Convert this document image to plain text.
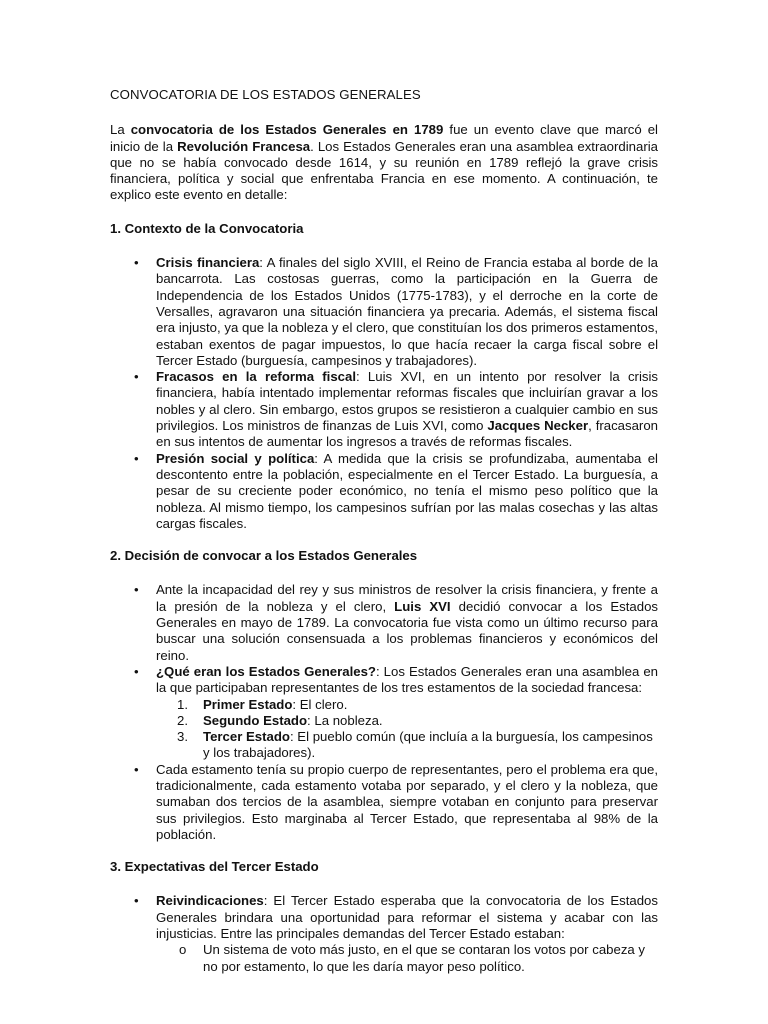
CONVOCATORIA DE LOS ESTADOS GENERALES

La convocatoria de los Estados Generales en 1789 fue un evento clave que marcó el inicio de la Revolución Francesa. Los Estados Generales eran una asamblea extraordinaria que no se había convocado desde 1614, y su reunión en 1789 reflejó la grave crisis financiera, política y social que enfrentaba Francia en ese momento. A continuación, te explico este evento en detalle:

1. Contexto de la Convocatoria
• Crisis financiera: A finales del siglo XVIII, el Reino de Francia estaba al borde de la bancarrota. Las costosas guerras, como la participación en la Guerra de Independencia de los Estados Unidos (1775-1783), y el derroche en la corte de Versalles, agravaron una situación financiera ya precaria. Además, el sistema fiscal era injusto, ya que la nobleza y el clero, que constituían los dos primeros estamentos, estaban exentos de pagar impuestos, lo que hacía recaer la carga fiscal sobre el Tercer Estado (burguesía, campesinos y trabajadores).
• Fracasos en la reforma fiscal: Luis XVI, en un intento por resolver la crisis financiera, había intentado implementar reformas fiscales que incluirían gravar a los nobles y al clero. Sin embargo, estos grupos se resistieron a cualquier cambio en sus privilegios. Los ministros de finanzas de Luis XVI, como Jacques Necker, fracasaron en sus intentos de aumentar los ingresos a través de reformas fiscales.
• Presión social y política: A medida que la crisis se profundizaba, aumentaba el descontento entre la población, especialmente en el Tercer Estado. La burguesía, a pesar de su creciente poder económico, no tenía el mismo peso político que la nobleza. Al mismo tiempo, los campesinos sufrían por las malas cosechas y las altas cargas fiscales.
2. Decisión de convocar a los Estados Generales
• Ante la incapacidad del rey y sus ministros de resolver la crisis financiera, y frente a la presión de la nobleza y el clero, Luis XVI decidió convocar a los Estados Generales en mayo de 1789. La convocatoria fue vista como un último recurso para buscar una solución consensuada a los problemas financieros y económicos del reino.
• ¿Qué eran los Estados Generales?: Los Estados Generales eran una asamblea en la que participaban representantes de los tres estamentos de la sociedad francesa:
1. Primer Estado: El clero.
2. Segundo Estado: La nobleza.
3. Tercer Estado: El pueblo común (que incluía a la burguesía, los campesinos y los trabajadores).
• Cada estamento tenía su propio cuerpo de representantes, pero el problema era que, tradicionalmente, cada estamento votaba por separado, y el clero y la nobleza, que sumaban dos tercios de la asamblea, siempre votaban en conjunto para preservar sus privilegios. Esto marginaba al Tercer Estado, que representaba al 98% de la población.
3. Expectativas del Tercer Estado
• Reivindicaciones: El Tercer Estado esperaba que la convocatoria de los Estados Generales brindara una oportunidad para reformar el sistema y acabar con las injusticias. Entre las principales demandas del Tercer Estado estaban:
o Un sistema de voto más justo, en el que se contaran los votos por cabeza y no por estamento, lo que les daría mayor peso político.
